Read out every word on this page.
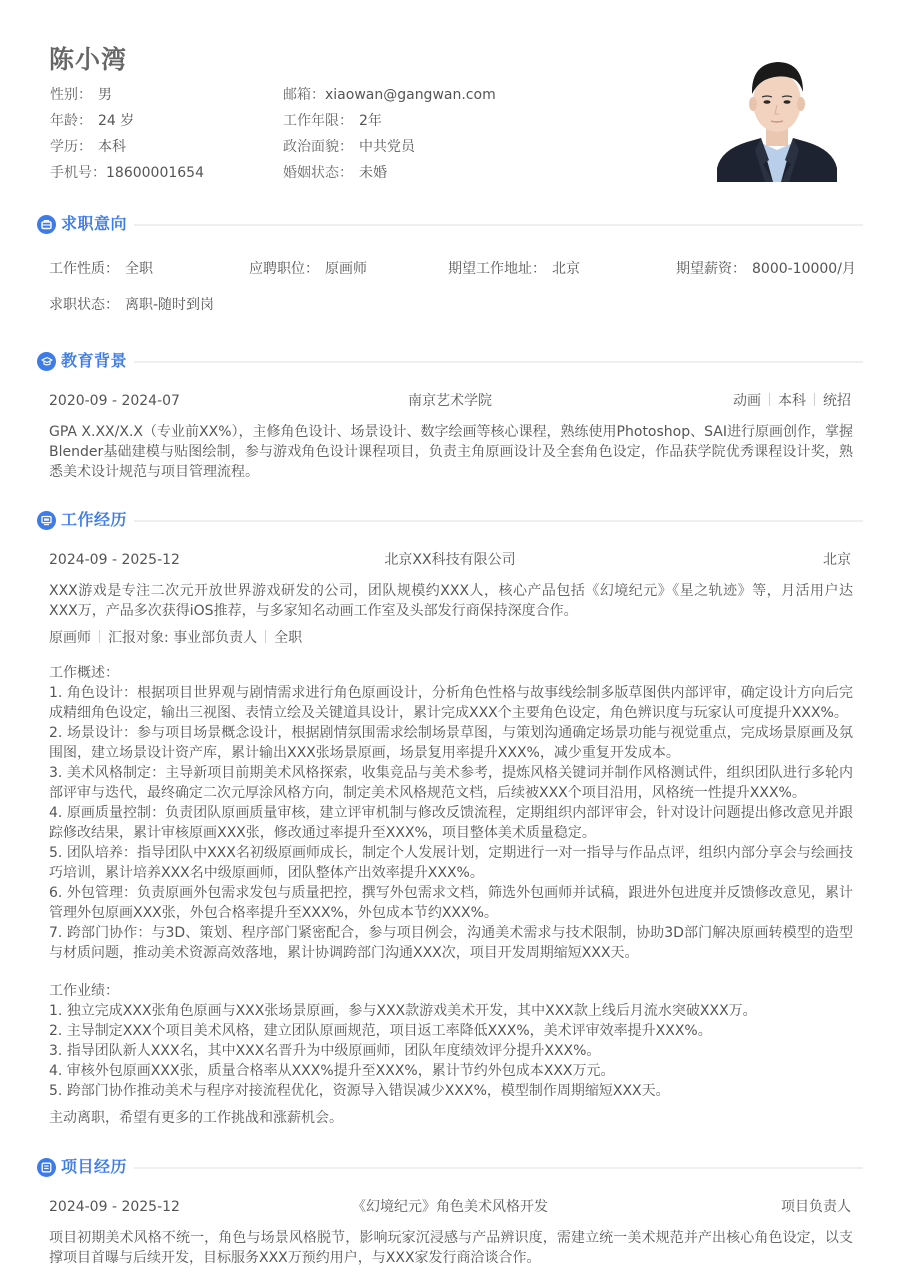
陈小湾
性别： 男
年龄： 24 岁
学历： 本科
手机号：18600001654
邮箱：xiaowan@gangwan.com
工作年限： 2年
政治面貌： 中共党员
婚姻状态： 未婚
求职意向
工作性质： 全职	应聘职位： 原画师	期望工作地址： 北京	期望薪资： 8000-10000/月
求职状态： 离职-随时到岗
教育背景
2020-09 - 2024-07	南京艺术学院	动画 本科 统招
GPA X.XX/X.X（专业前XX%），主修角色设计、场景设计、数字绘画等核心课程，熟练使用Photoshop、SAI进行原画创作，掌握Blender基础建模与贴图绘制，参与游戏角色设计课程项目，负责主角原画设计及全套角色设定，作品获学院优秀课程设计奖，熟悉美术设计规范与项目管理流程。
工作经历
2024-09 - 2025-12	北京XX科技有限公司	北京
XXX游戏是专注二次元开放世界游戏研发的公司，团队规模约XXX人，核心产品包括《幻境纪元》《星之轨迹》等，月活用户达XXX万，产品多次获得iOS推荐，与多家知名动画工作室及头部发行商保持深度合作。
原画师 汇报对象: 事业部负责人 全职
工作概述：
1. 角色设计：根据项目世界观与剧情需求进行角色原画设计，分析角色性格与故事线绘制多版草图供内部评审，确定设计方向后完成精细角色设定，输出三视图、表情立绘及关键道具设计，累计完成XXX个主要角色设定，角色辨识度与玩家认可度提升XXX%。
2. 场景设计：参与项目场景概念设计，根据剧情氛围需求绘制场景草图，与策划沟通确定场景功能与视觉重点，完成场景原画及氛围图，建立场景设计资产库，累计输出XXX张场景原画，场景复用率提升XXX%，减少重复开发成本。
3. 美术风格制定：主导新项目前期美术风格探索，收集竞品与美术参考，提炼风格关键词并制作风格测试件，组织团队进行多轮内部评审与迭代，最终确定二次元厚涂风格方向，制定美术风格规范文档，后续被XXX个项目沿用，风格统一性提升XXX%。
4. 原画质量控制：负责团队原画质量审核，建立评审机制与修改反馈流程，定期组织内部评审会，针对设计问题提出修改意见并跟踪修改结果，累计审核原画XXX张，修改通过率提升至XXX%，项目整体美术质量稳定。
5. 团队培养：指导团队中XXX名初级原画师成长，制定个人发展计划，定期进行一对一指导与作品点评，组织内部分享会与绘画技巧培训，累计培养XXX名中级原画师，团队整体产出效率提升XXX%。
6. 外包管理：负责原画外包需求发包与质量把控，撰写外包需求文档，筛选外包画师并试稿，跟进外包进度并反馈修改意见，累计管理外包原画XXX张，外包合格率提升至XXX%，外包成本节约XXX%。
7. 跨部门协作：与3D、策划、程序部门紧密配合，参与项目例会，沟通美术需求与技术限制，协助3D部门解决原画转模型的造型与材质问题，推动美术资源高效落地，累计协调跨部门沟通XXX次，项目开发周期缩短XXX天。
工作业绩：
1. 独立完成XXX张角色原画与XXX张场景原画，参与XXX款游戏美术开发，其中XXX款上线后月流水突破XXX万。
2. 主导制定XXX个项目美术风格，建立团队原画规范，项目返工率降低XXX%，美术评审效率提升XXX%。
3. 指导团队新人XXX名，其中XXX名晋升为中级原画师，团队年度绩效评分提升XXX%。
4. 审核外包原画XXX张，质量合格率从XXX%提升至XXX%，累计节约外包成本XXX万元。
5. 跨部门协作推动美术与程序对接流程优化，资源导入错误减少XXX%，模型制作周期缩短XXX天。
主动离职，希望有更多的工作挑战和涨薪机会。
项目经历
2024-09 - 2025-12	《幻境纪元》角色美术风格开发	项目负责人
项目初期美术风格不统一，角色与场景风格脱节，影响玩家沉浸感与产品辨识度，需建立统一美术规范并产出核心角色设定，以支撑项目首曝与后续开发，目标服务XXX万预约用户，与XXX家发行商洽谈合作。
